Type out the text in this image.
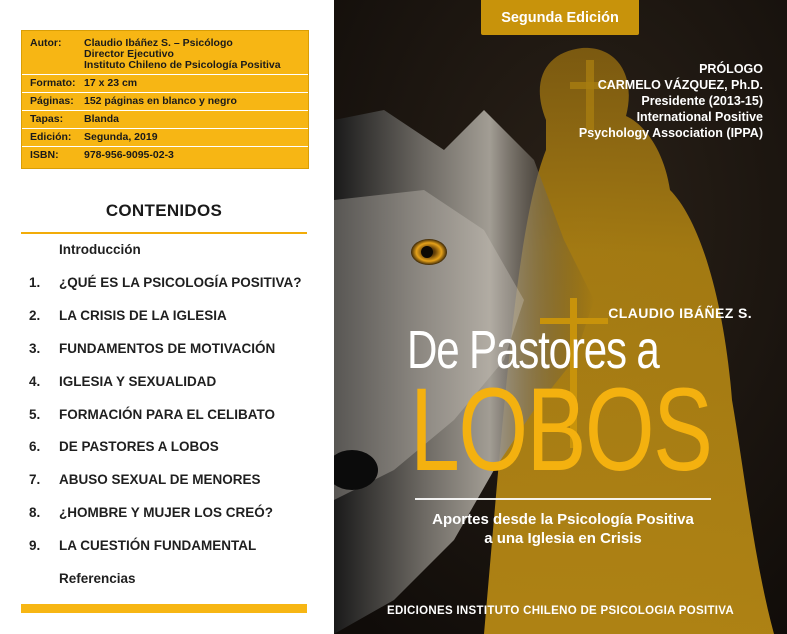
Autor:	Claudio Ibáñez S. – Psicólogo
Director Ejecutivo
Instituto Chileno de Psicología Positiva
Formato: 17 x 23 cm
Páginas: 152 páginas en blanco y negro
Tapas:	Blanda
Edición:	Segunda, 2019
ISBN:	978-956-9095-02-3
CONTENIDOS
Introducción
1. ¿QUÉ ES LA PSICOLOGÍA POSITIVA?
2. LA CRISIS DE LA IGLESIA
3. FUNDAMENTOS DE MOTIVACIÓN
4. IGLESIA Y SEXUALIDAD
5. FORMACIÓN PARA EL CELIBATO
6. DE PASTORES A LOBOS
7. ABUSO SEXUAL DE MENORES
8. ¿HOMBRE Y MUJER LOS CREÓ?
9. LA CUESTIÓN FUNDAMENTAL
Referencias
Segunda Edición
PRÓLOGO
CARMELO VÁZQUEZ, Ph.D.
Presidente (2013-15)
International Positive
Psychology Association (IPPA)
CLAUDIO IBÁÑEZ S.
De Pastores a
LOBOS
Aportes desde la Psicología Positiva
a una Iglesia en Crisis
EDICIONES INSTITUTO CHILENO DE PSICOLOGIA POSITIVA
